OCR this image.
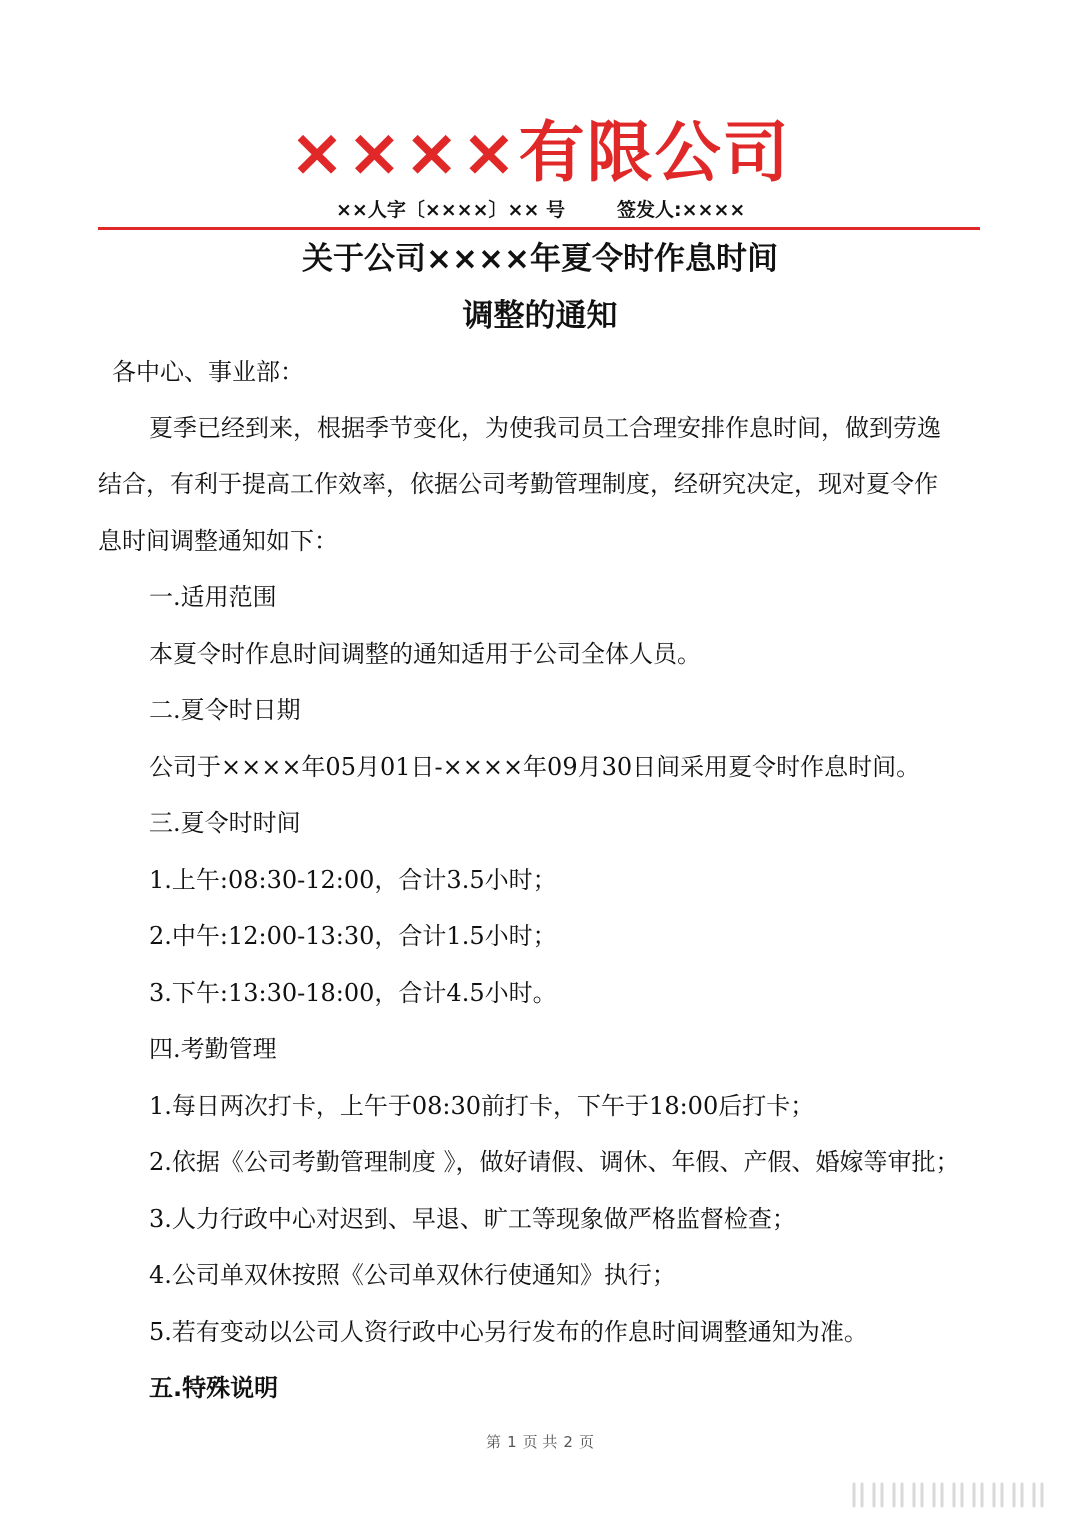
××××有限公司
××人字〔××××〕×× 号	签发人:××××
关于公司××××年夏令时作息时间
调整的通知
各中心、事业部：
夏季已经到来，根据季节变化，为使我司员工合理安排作息时间，做到劳逸
结合，有利于提高工作效率，依据公司考勤管理制度，经研究决定，现对夏令作
息时间调整通知如下：
一.适用范围
本夏令时作息时间调整的通知适用于公司全体人员。
二.夏令时日期
公司于××××年05月01日-××××年09月30日间采用夏令时作息时间。
三.夏令时时间
1.上午:08:30-12:00，合计3.5小时；
2.中午:12:00-13:30，合计1.5小时；
3.下午:13:30-18:00，合计4.5小时。
四.考勤管理
1.每日两次打卡，上午于08:30前打卡，下午于18:00后打卡；
2.依据《公司考勤管理制度 》，做好请假、调休、年假、产假、婚嫁等审批；
3.人力行政中心对迟到、早退、旷工等现象做严格监督检查；
4.公司单双休按照《公司单双休行使通知》执行；
5.若有变动以公司人资行政中心另行发布的作息时间调整通知为准。
五.特殊说明
第 1 页 共 2 页
